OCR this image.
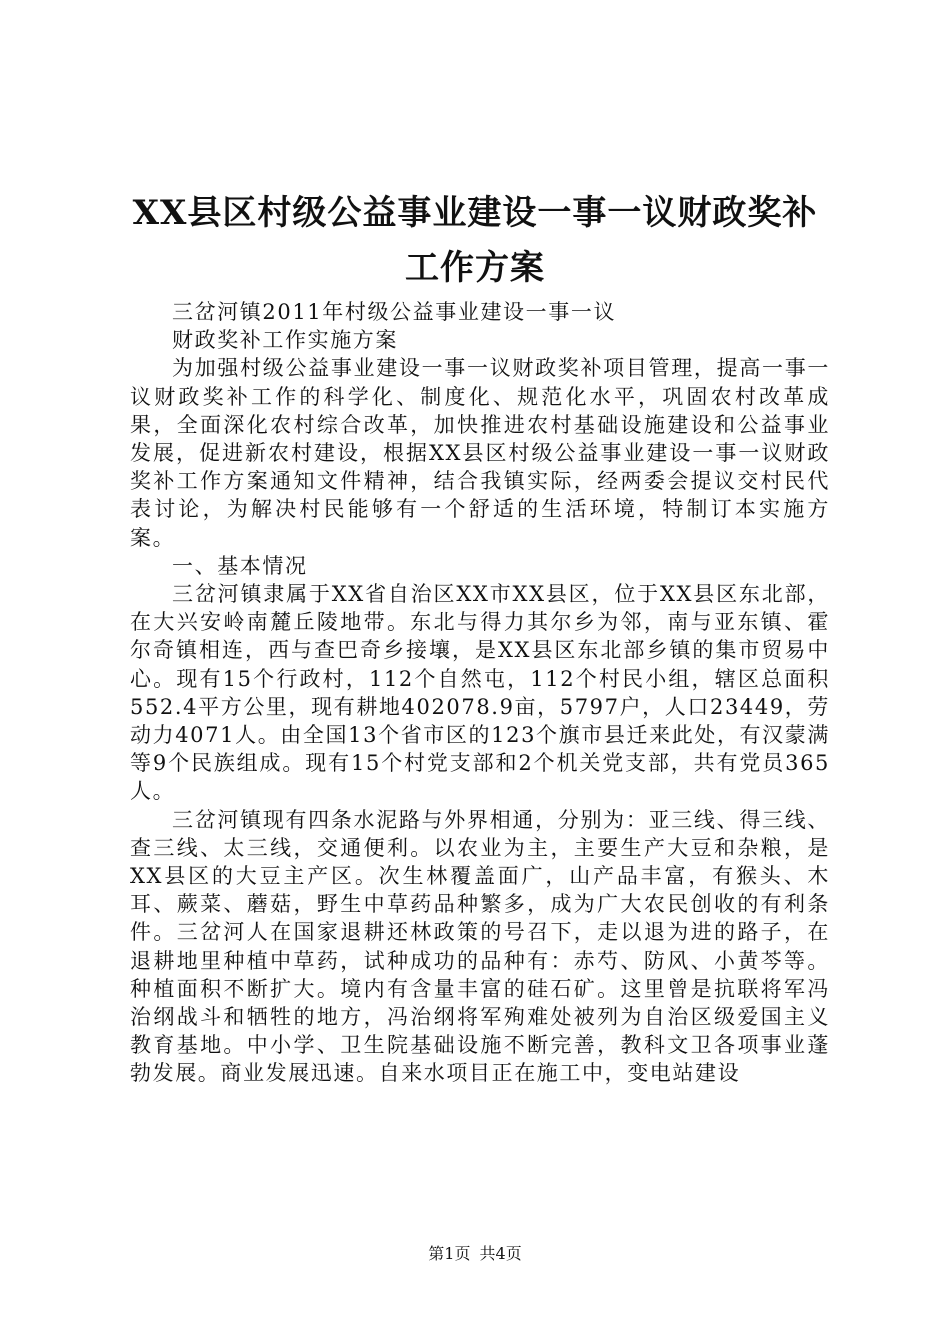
XX县区村级公益事业建设一事一议财政奖补
工作方案

三岔河镇2011年村级公益事业建设一事一议

财政奖补工作实施方案

为加强村级公益事业建设一事一议财政奖补项目管理，提高一事一议财政奖补工作的科学化、制度化、规范化水平，巩固农村改革成果，全面深化农村综合改革，加快推进农村基础设施建设和公益事业发展，促进新农村建设，根据XX县区村级公益事业建设一事一议财政奖补工作方案通知文件精神，结合我镇实际，经两委会提议交村民代表讨论，为解决村民能够有一个舒适的生活环境，特制订本实施方案。

一、基本情况

三岔河镇隶属于XX省自治区XX市XX县区，位于XX县区东北部，在大兴安岭南麓丘陵地带。东北与得力其尔乡为邻，南与亚东镇、霍尔奇镇相连，西与查巴奇乡接壤，是XX县区东北部乡镇的集市贸易中心。现有15个行政村，112个自然屯，112个村民小组，辖区总面积552.4平方公里，现有耕地402078.9亩，5797户，人口23449，劳动力4071人。由全国13个省市区的123个旗市县迁来此处，有汉蒙满等9个民族组成。现有15个村党支部和2个机关党支部，共有党员365人。

三岔河镇现有四条水泥路与外界相通，分别为：亚三线、得三线、查三线、太三线，交通便利。以农业为主，主要生产大豆和杂粮，是XX县区的大豆主产区。次生林覆盖面广，山产品丰富，有猴头、木耳、蕨菜、蘑菇，野生中草药品种繁多，成为广大农民创收的有利条件。三岔河人在国家退耕还林政策的号召下，走以退为进的路子，在退耕地里种植中草药，试种成功的品种有：赤芍、防风、小黄芩等。种植面积不断扩大。境内有含量丰富的硅石矿。这里曾是抗联将军冯治纲战斗和牺牲的地方，冯治纲将军殉难处被列为自治区级爱国主义教育基地。中小学、卫生院基础设施不断完善，教科文卫各项事业蓬勃发展。商业发展迅速。自来水项目正在施工中，变电站建设

第1页 共4页
